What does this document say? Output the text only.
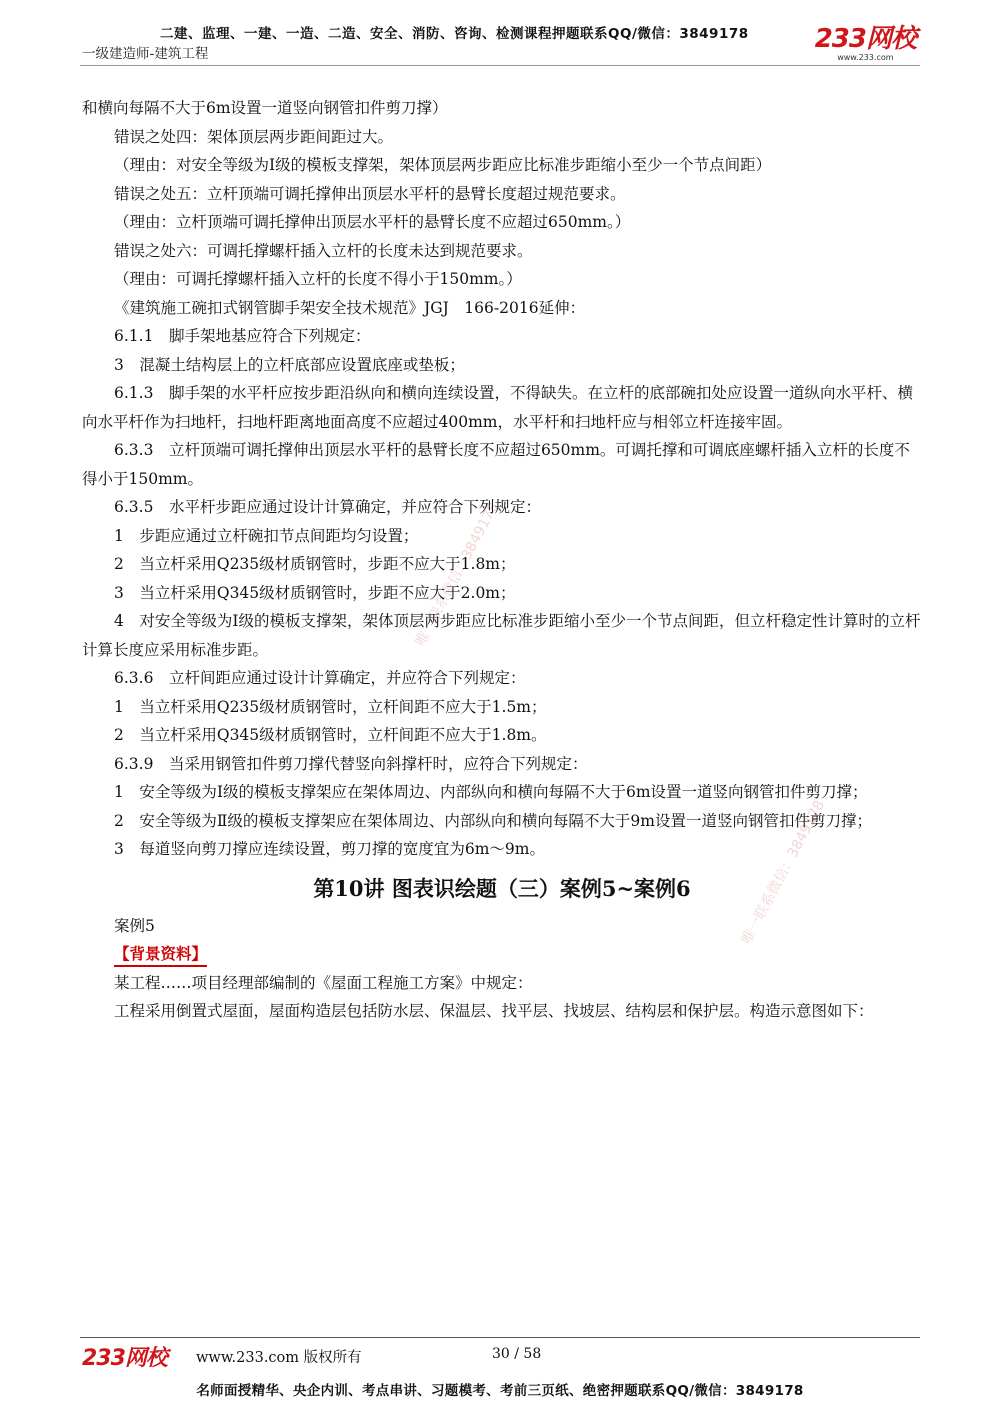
二建、监理、一建、一造、二造、安全、消防、咨询、检测课程押题联系QQ/微信：3849178
一级建造师-建筑工程	233网校
www.233.com
唯一联系微信：3849178
唯一联系微信：3849178

和横向每隔不大于6m设置一道竖向钢管扣件剪刀撑）

错误之处四：架体顶层两步距间距过大。

（理由：对安全等级为Ⅰ级的模板支撑架，架体顶层两步距应比标准步距缩小至少一个节点间距）

错误之处五：立杆顶端可调托撑伸出顶层水平杆的悬臂长度超过规范要求。

（理由：立杆顶端可调托撑伸出顶层水平杆的悬臂长度不应超过650mm。）

错误之处六：可调托撑螺杆插入立杆的长度未达到规范要求。

（理由：可调托撑螺杆插入立杆的长度不得小于150mm。）

《建筑施工碗扣式钢管脚手架安全技术规范》JGJ　166-2016延伸：

6.1.1　脚手架地基应符合下列规定：

3　混凝土结构层上的立杆底部应设置底座或垫板；

6.1.3　脚手架的水平杆应按步距沿纵向和横向连续设置，不得缺失。在立杆的底部碗扣处应设置一道纵向水平杆、横向水平杆作为扫地杆，扫地杆距离地面高度不应超过400mm，水平杆和扫地杆应与相邻立杆连接牢固。

6.3.3　立杆顶端可调托撑伸出顶层水平杆的悬臂长度不应超过650mm。可调托撑和可调底座螺杆插入立杆的长度不得小于150mm。

6.3.5　水平杆步距应通过设计计算确定，并应符合下列规定：

1　步距应通过立杆碗扣节点间距均匀设置；

2　当立杆采用Q235级材质钢管时，步距不应大于1.8m；

3　当立杆采用Q345级材质钢管时，步距不应大于2.0m；

4　对安全等级为Ⅰ级的模板支撑架，架体顶层两步距应比标准步距缩小至少一个节点间距，但立杆稳定性计算时的立杆计算长度应采用标准步距。

6.3.6　立杆间距应通过设计计算确定，并应符合下列规定：

1　当立杆采用Q235级材质钢管时，立杆间距不应大于1.5m；

2　当立杆采用Q345级材质钢管时，立杆间距不应大于1.8m。

6.3.9　当采用钢管扣件剪刀撑代替竖向斜撑杆时，应符合下列规定：

1　安全等级为Ⅰ级的模板支撑架应在架体周边、内部纵向和横向每隔不大于6m设置一道竖向钢管扣件剪刀撑；

2　安全等级为Ⅱ级的模板支撑架应在架体周边、内部纵向和横向每隔不大于9m设置一道竖向钢管扣件剪刀撑；

3　每道竖向剪刀撑应连续设置，剪刀撑的宽度宜为6m～9m。

第10讲 图表识绘题（三）案例5~案例6

案例5

【背景资料】

某工程……项目经理部编制的《屋面工程施工方案》中规定：

工程采用倒置式屋面，屋面构造层包括防水层、保温层、找平层、找坡层、结构层和保护层。构造示意图如下：

233网校 www.233.com 版权所有	30 / 58
名师面授精华、央企内训、考点串讲、习题模考、考前三页纸、绝密押题联系QQ/微信：3849178
